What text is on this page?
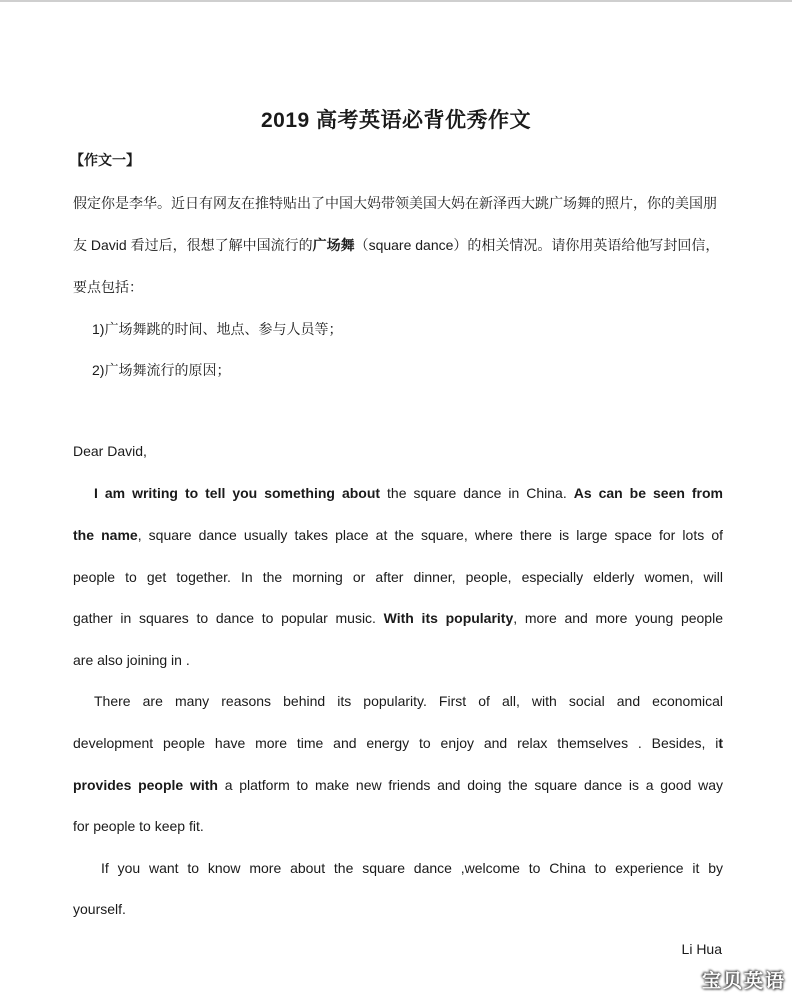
2019 高考英语必背优秀作文
【作文一】
假定你是李华。近日有网友在推特贴出了中国大妈带领美国大妈在新泽西大跳广场舞的照片，你的美国朋
友 David 看过后，很想了解中国流行的广场舞（square dance）的相关情况。请你用英语给他写封回信，
要点包括：
1)广场舞跳的时间、地点、参与人员等；
2)广场舞流行的原因；
Dear David,
I am writing to tell you something about the square dance in China. As can be seen from
the name, square dance usually takes place at the square, where there is large space for lots of
people to get together. In the morning or after dinner, people, especially elderly women, will
gather in squares to dance to popular music. With its popularity, more and more young people
are also joining in .
There are many reasons behind its popularity. First of all, with social and economical
development people have more time and energy to enjoy and relax themselves . Besides, it
provides people with a platform to make new friends and doing the square dance is a good way
for people to keep fit.
If you want to know more about the square dance ,welcome to China to experience it by
yourself.
Li Hua
宝贝英语
